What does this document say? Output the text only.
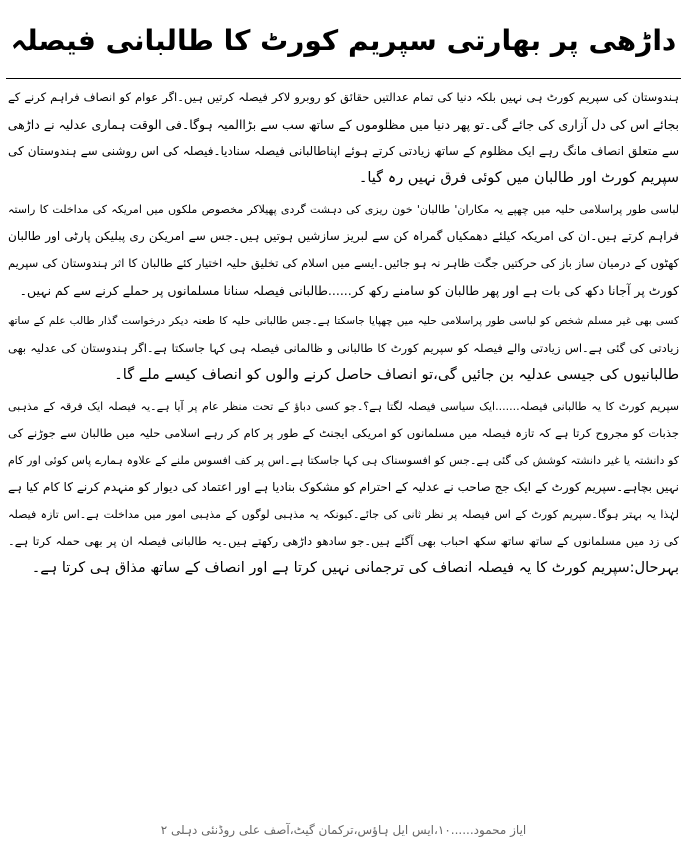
داڑھی پر بھارتی سپریم کورٹ کا طالبانی فیصلہ
ہندوستان کی سپریم کورٹ ہی نہیں بلکہ دنیا کی تمام عدالتیں حقائق کو روبرو لاکر فیصلہ کرتیں ہیں۔اگر عوام کو انصاف فراہم کرنے کے
بجائے اس کی دل آزاری کی جائے گی۔تو پھر دنیا میں مظلوموں کے ساتھ سب سے بڑاالمیہ ہوگا۔فی الوقت ہماری عدلیہ نے داڑھی
سے متعلق انصاف مانگ رہے ایک مظلوم کے ساتھ زیادتی کرتے ہوئے اپناطالبانی فیصلہ سنادیا۔فیصلہ کی اس روشنی سے ہندوستان کی
سپریم کورٹ اور طالبان میں کوئی فرق نہیں رہ گیا۔
لباسی طور پراسلامی حلیہ میں چھپے یہ مکاران' طالبان' خون ریزی کی دہشت گردی پھیلاکر مخصوص ملکوں میں امریکہ کی مداخلت کا راستہ
فراہم کرتے ہیں۔ان کی امریکہ کیلئے دھمکیاں گمراہ کن سے لبریز سازشیں ہوتیں ہیں۔جس سے امریکن ری پبلیکن پارٹی اور طالبان
کھٹوں کے درمیان ساز باز کی حرکتیں جگت ظاہر نہ ہو جائیں۔ایسے میں اسلام کی تخلیق حلیہ اختیار کئے طالبان کا اثر ہندوستان کی سپریم
کورٹ پر آجانا دکھ کی بات ہے اور پھر طالبان کو سامنے رکھ کر......طالبانی فیصلہ سنانا مسلمانوں پر حملے کرنے سے کم نہیں۔
کسی بھی غیر مسلم شخص کو لباسی طور پراسلامی حلیہ میں چھپایا جاسکتا ہے۔جس طالبانی حلیہ کا طعنہ دیکر درخواست گذار طالب علم کے ساتھ
زیادتی کی گئی ہے۔اس زیادتی والے فیصلہ کو سپریم کورٹ کا طالبانی و ظالمانی فیصلہ ہی کہا جاسکتا ہے۔اگر ہندوستان کی عدلیہ بھی
طالبانیوں کی جیسی عدلیہ بن جائیں گی،تو انصاف حاصل کرنے والوں کو انصاف کیسے ملے گا۔
سپریم کورٹ کا یہ طالبانی فیصلہ.......ایک سیاسی فیصلہ لگتا ہے؟۔جو کسی دباؤ کے تحت منظر عام پر آیا ہے۔یہ فیصلہ ایک فرقہ کے مذہبی
جذبات کو مجروح کرتا ہے کہ تازہ فیصلہ میں مسلمانوں کو امریکی ایجنٹ کے طور پر کام کر رہے اسلامی حلیہ میں طالبان سے جوڑنے کی
کو دانشتہ یا غیر دانشتہ کوشش کی گئی ہے۔جس کو افسوسناک ہی کہا جاسکتا ہے۔اس پر کف افسوس ملنے کے علاوہ ہمارے پاس کوئی اور کام
نہیں بچاہے۔سپریم کورٹ کے ایک جج صاحب نے عدلیہ کے احترام کو مشکوک بنادیا ہے اور اعتماد کی دیوار کو منہدم کرنے کا کام کیا ہے
لہٰذا یہ بہتر ہوگا۔سپریم کورٹ کے اس فیصلہ پر نظر ثانی کی جائے۔کیونکہ یہ مذہبی لوگوں کے مذہبی امور میں مداخلت ہے۔اس تازہ فیصلہ
کی زد میں مسلمانوں کے ساتھ ساتھ سکھ احباب بھی آگئے ہیں۔جو سادھو داڑھی رکھتے ہیں۔یہ طالبانی فیصلہ ان پر بھی حملہ کرتا ہے۔
بہرحال:سپریم کورٹ کا یہ فیصلہ انصاف کی ترجمانی نہیں کرتا ہے اور انصاف کے ساتھ مذاق ہی کرتا ہے۔
ایاز محمود......۱۰،ایس ایل ہاؤس،ترکمان گیٹ،آصف علی روڈنئی دہلی ۲
